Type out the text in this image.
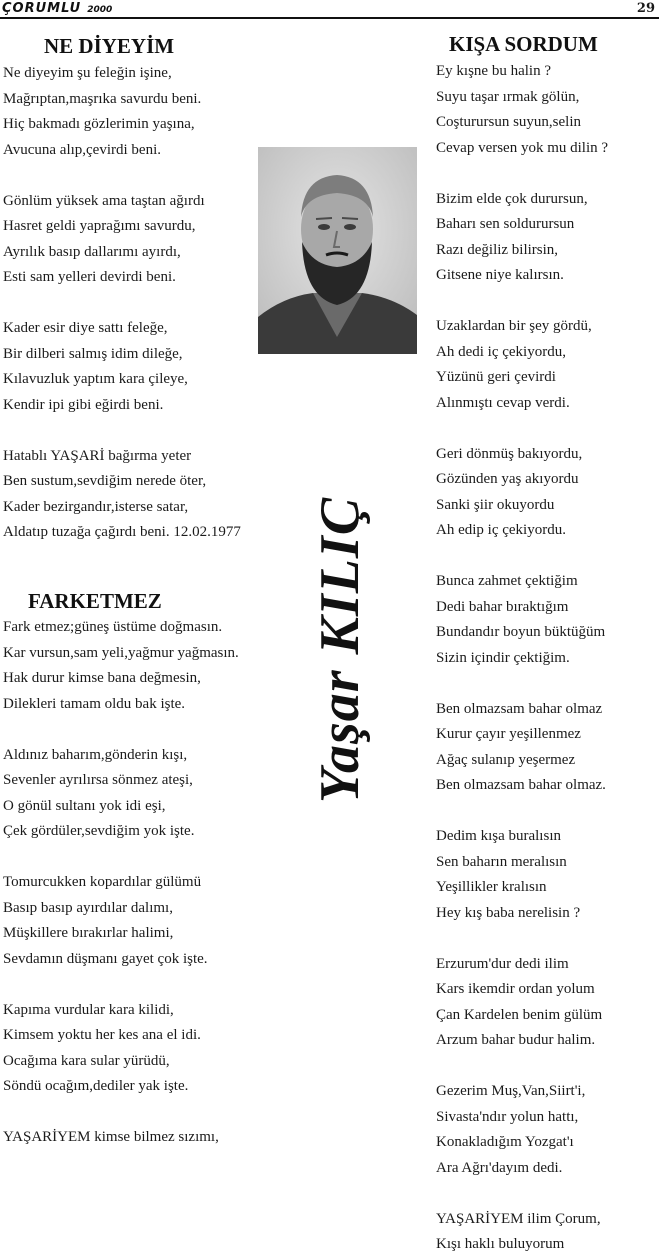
ÇORUMLU 2000	29
NE DİYEYİM
Ne diyeyim şu feleğin işine,
Mağrıptan,maşrıka savurdu beni.
Hiç bakmadı gözlerimin yaşına,
Avucuna alıp,çevirdi beni.

Gönlüm yüksek ama taştan ağırdı
Hasret geldi yaprağımı savurdu,
Ayrılık basıp dallarımı ayırdı,
Esti sam yelleri devirdi beni.

Kader esir diye sattı feleğe,
Bir dilberi salmış idim dileğe,
Kılavuzluk yaptım kara çileye,
Kendir ipi gibi eğirdi beni.

Hatablı YAŞARİ bağırma yeter
Ben sustum,sevdiğim nerede öter,
Kader bezirgandır,isterse satar,
Aldatıp tuzağa çağırdı beni. 12.02.1977
FARKETMEZ
Fark etmez;güneş üstüme doğmasın.
Kar vursun,sam yeli,yağmur yağmasın.
Hak durur kimse bana değmesin,
Dilekleri tamam oldu bak işte.

Aldınız baharım,gönderin kışı,
Sevenler ayrılırsa sönmez ateşi,
O gönül sultanı yok idi eşi,
Çek gördüler,sevdiğim yok işte.

Tomurcukken kopardılar gülümü
Basıp basıp ayırdılar dalımı,
Müşkillere bırakırlar halimi,
Sevdamın düşmanı gayet çok işte.

Kapıma vurdular kara kilidi,
Kimsem yoktu her kes ana el idi.
Ocağıma kara sular yürüdü,
Söndü ocağım,dediler yak işte.

YAŞARİYEM kimse bilmez sızımı,
KIŞA SORDUM
Ey kışne bu halin ?
Suyu taşar ırmak gölün,
Coşturursun suyun,selin
Cevap versen yok mu dilin ?

Bizim elde çok durursun,
Baharı sen soldurursun
Razı değiliz bilirsin,
Gitsene niye kalırsın.

Uzaklardan bir şey gördü,
Ah dedi iç çekiyordu,
Yüzünü geri çevirdi
Alınmıştı cevap verdi.

Geri dönmüş bakıyordu,
Gözünden yaş akıyordu
Sanki şiir okuyordu
Ah edip iç çekiyordu.

Bunca zahmet çektiğim
Dedi bahar bıraktığım
Bundandır boyun büktüğüm
Sizin içindir çektiğim.

Ben olmazsam bahar olmaz
Kurur çayır yeşillenmez
Ağaç sulanıp yeşermez
Ben olmazsam bahar olmaz.

Dedim kışa buralısın
Sen baharın meralısın
Yeşillikler kralısın
Hey kış baba nerelisin ?

Erzurum'dur dedi ilim
Kars ikemdir ordan yolum
Çan Kardelen benim gülüm
Arzum bahar budur halim.

Gezerim Muş,Van,Siirt'i,
Sivasta'ndır yolun hattı,
Konakladığım Yozgat'ı
Ara Ağrı'dayım dedi.

YAŞARİYEM ilim Çorum,
Kışı haklı buluyorum
Yaşar KILIÇ
